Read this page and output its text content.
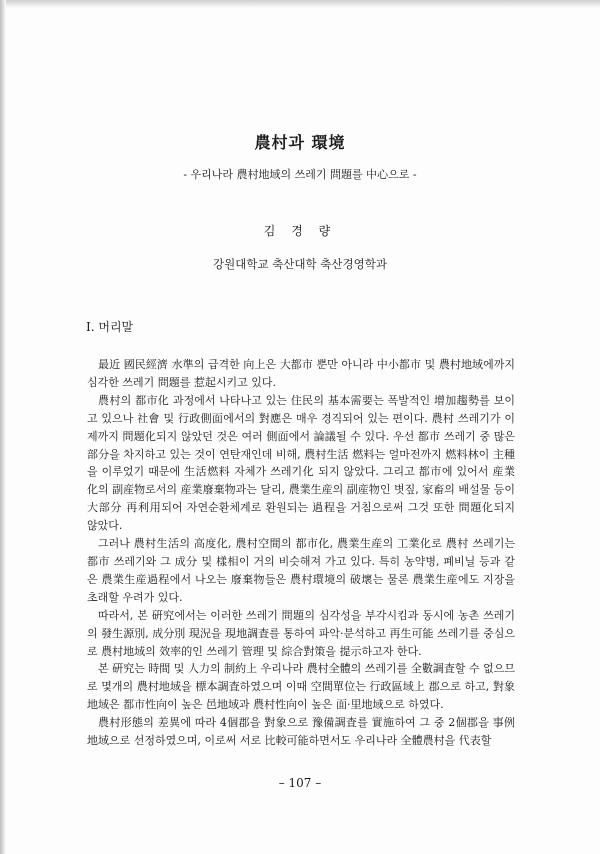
農村과 環境
- 우리나라 農村地域의 쓰레기 問題를 中心으로 -
김 경 량
강원대학교 축산대학 축산경영학과
Ⅰ. 머리말

最近 國民經濟 水準의 급격한 向上은 大都市 뿐만 아니라 中小都市 및 農村地域에까지 심각한 쓰레기 問題를 惹起시키고 있다.

農村의 都市化 과정에서 나타나고 있는 住民의 基本需要는 폭발적인 增加趨勢를 보이고 있으나 社會 및 行政側面에서의 對應은 매우 경직되어 있는 편이다. 農村 쓰레기가 이제까지 問題化되지 않았던 것은 여러 側面에서 論議될 수 있다. 우선 都市 쓰레기 중 많은 部分을 차지하고 있는 것이 연탄재인데 비해, 農村生活 燃料는 얼마전까지 燃料林이 主種을 이루었기 때문에 生活燃料 자체가 쓰레기化 되지 않았다. 그리고 都市에 있어서 産業化의 副産物로서의 産業廢棄物과는 달리, 農業生産의 副産物인 볏짚, 家畜의 배설물 등이 大部分 再利用되어 자연순환체계로 환원되는 過程을 거침으로써 그것 또한 問題化되지 않았다.

그러나 農村生活의 高度化, 農村空間의 都市化, 農業生産의 工業化로 農村 쓰레기는 都市 쓰레기와 그 成分 및 樣相이 거의 비슷해져 가고 있다. 특히 농약병, 폐비닐 등과 같은 農業生産過程에서 나오는 廢棄物들은 農村環境의 破壞는 물론 農業生産에도 지장을 초래할 우려가 있다.

따라서, 본 硏究에서는 이러한 쓰레기 問題의 심각성을 부각시킴과 동시에 농촌 쓰레기의 發生源別, 成分別 現況을 現地調査를 통하여 파악·분석하고 再生可能 쓰레기를 중심으로 農村地域의 效率的인 쓰레기 管理 및 綜合對策을 提示하고자 한다.

본 硏究는 時間 및 人力의 制約上 우리나라 農村全體의 쓰레기를 全數調査할 수 없으므로 몇개의 農村地域을 標本調査하였으며 이때 空間單位는 行政區域上 郡으로 하고, 對象地域은 都市性向이 높은 邑地域과 農村性向이 높은 面·里地域으로 하였다.

農村形態의 差異에 따라 4個郡을 對象으로 豫備調査를 實施하여 그 중 2個郡을 事例地域으로 선정하였으며, 이로써 서로 比較可能하면서도 우리나라 全體農村을 代表할

– 107 –
